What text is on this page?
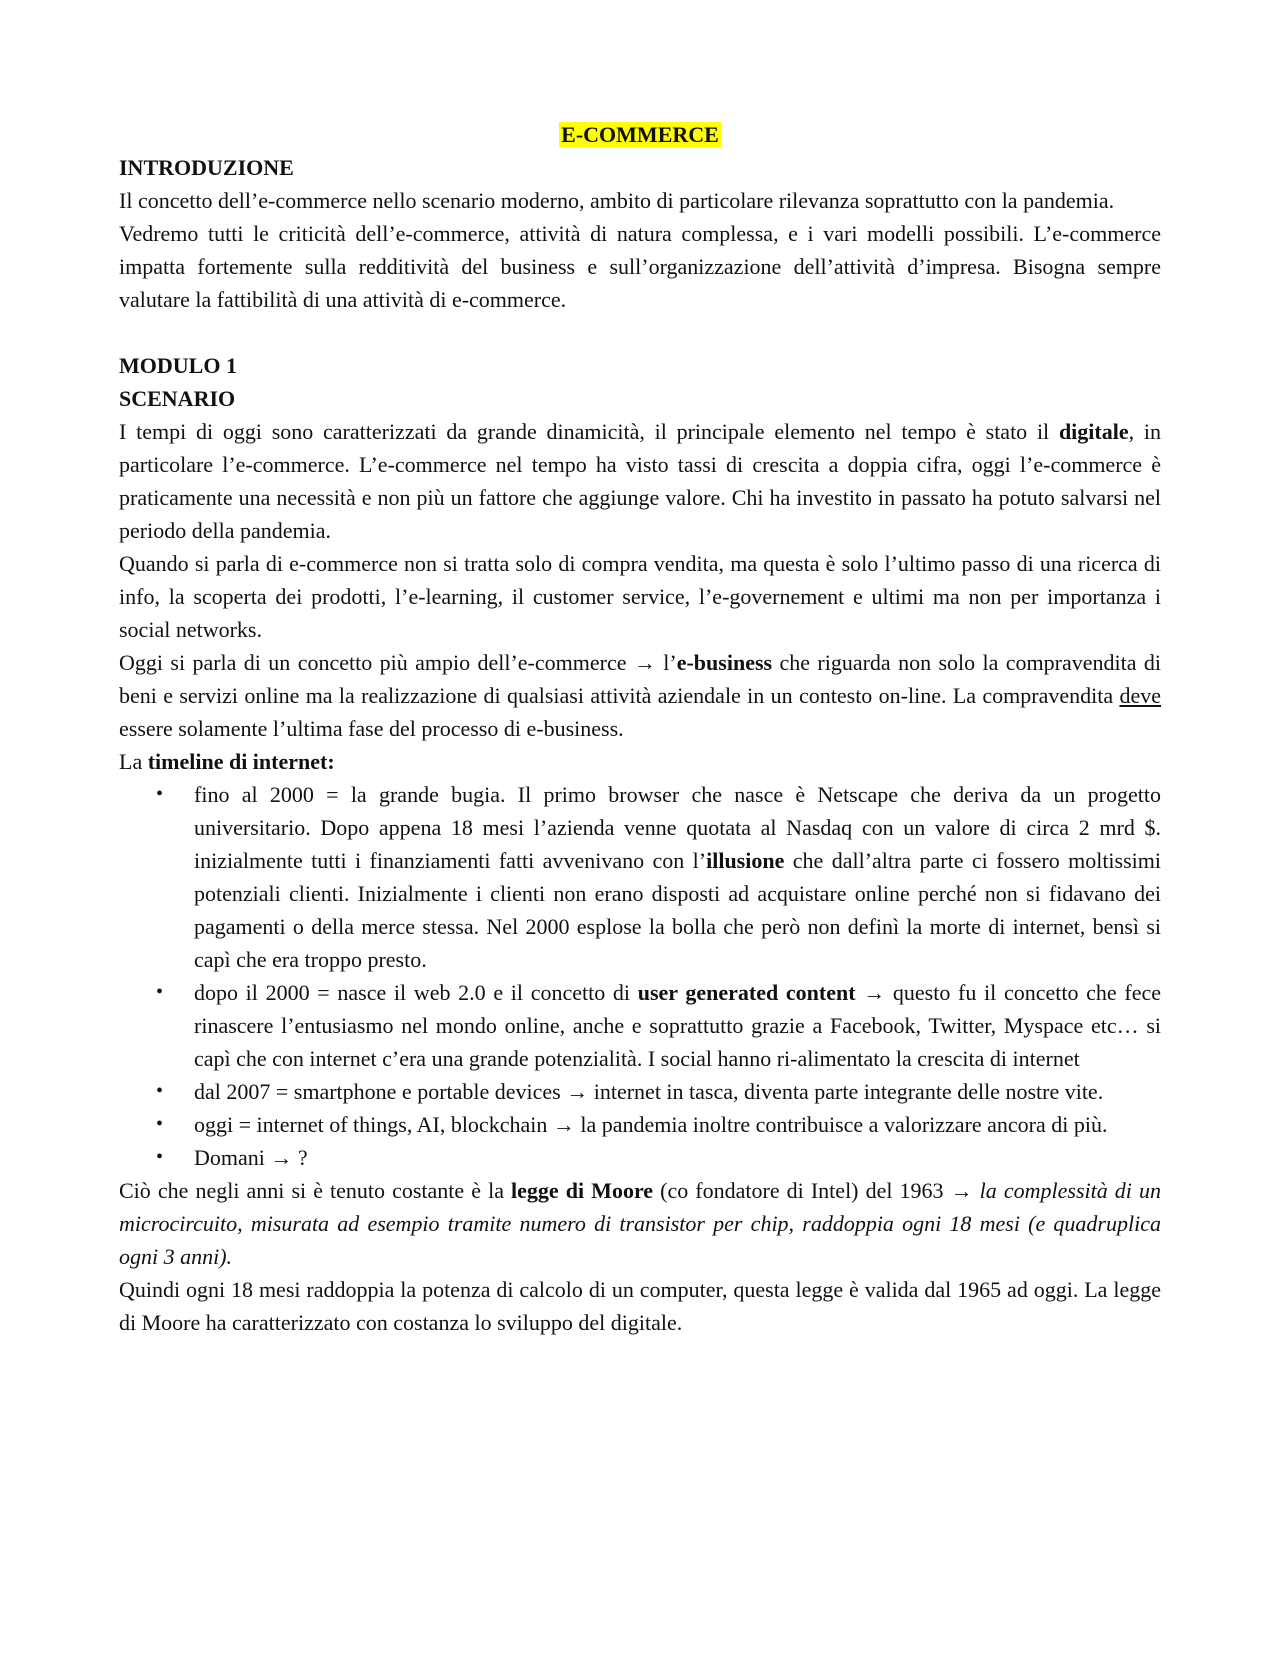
E-COMMERCE
INTRODUZIONE

Il concetto dell’e-commerce nello scenario moderno, ambito di particolare rilevanza soprattutto con la pandemia.

Vedremo tutti le criticità dell’e-commerce, attività di natura complessa, e i vari modelli possibili. L’e-commerce impatta fortemente sulla redditività del business e sull’organizzazione dell’attività d’impresa. Bisogna sempre valutare la fattibilità di una attività di e-commerce.

MODULO 1
SCENARIO

I tempi di oggi sono caratterizzati da grande dinamicità, il principale elemento nel tempo è stato il digitale, in particolare l’e-commerce. L’e-commerce nel tempo ha visto tassi di crescita a doppia cifra, oggi l’e-commerce è praticamente una necessità e non più un fattore che aggiunge valore. Chi ha investito in passato ha potuto salvarsi nel periodo della pandemia.

Quando si parla di e-commerce non si tratta solo di compra vendita, ma questa è solo l’ultimo passo di una ricerca di info, la scoperta dei prodotti, l’e-learning, il customer service, l’e-governement e ultimi ma non per importanza i social networks.

Oggi si parla di un concetto più ampio dell’e-commerce → l’e-business che riguarda non solo la compravendita di beni e servizi online ma la realizzazione di qualsiasi attività aziendale in un contesto on-line. La compravendita deve essere solamente l’ultima fase del processo di e-business.

La timeline di internet:

• fino al 2000 = la grande bugia. Il primo browser che nasce è Netscape che deriva da un progetto universitario. Dopo appena 18 mesi l’azienda venne quotata al Nasdaq con un valore di circa 2 mrd $. inizialmente tutti i finanziamenti fatti avvenivano con l’illusione che dall’altra parte ci fossero moltissimi potenziali clienti. Inizialmente i clienti non erano disposti ad acquistare online perché non si fidavano dei pagamenti o della merce stessa. Nel 2000 esplose la bolla che però non definì la morte di internet, bensì si capì che era troppo presto.
• dopo il 2000 = nasce il web 2.0 e il concetto di user generated content → questo fu il concetto che fece rinascere l’entusiasmo nel mondo online, anche e soprattutto grazie a Facebook, Twitter, Myspace etc… si capì che con internet c’era una grande potenzialità. I social hanno ri-alimentato la crescita di internet
• dal 2007 = smartphone e portable devices → internet in tasca, diventa parte integrante delle nostre vite.
• oggi = internet of things, AI, blockchain → la pandemia inoltre contribuisce a valorizzare ancora di più.
• Domani → ?

Ciò che negli anni si è tenuto costante è la legge di Moore (co fondatore di Intel) del 1963 → la complessità di un microcircuito, misurata ad esempio tramite numero di transistor per chip, raddoppia ogni 18 mesi (e quadruplica ogni 3 anni).

Quindi ogni 18 mesi raddoppia la potenza di calcolo di un computer, questa legge è valida dal 1965 ad oggi. La legge di Moore ha caratterizzato con costanza lo sviluppo del digitale.
